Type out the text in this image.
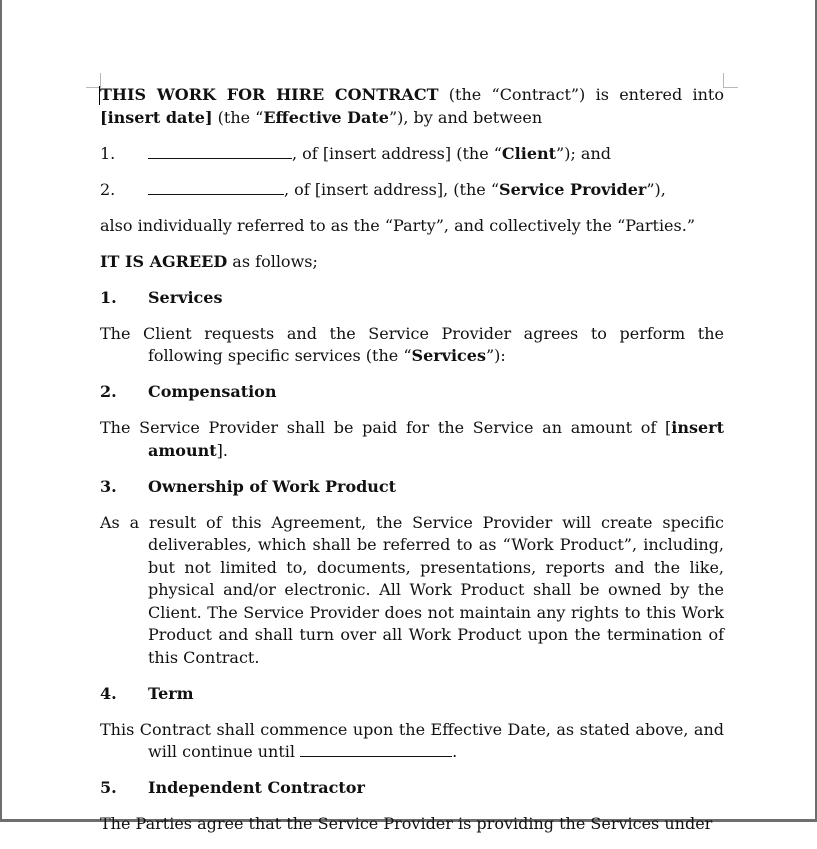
THIS WORK FOR HIRE CONTRACT (the “Contract”) is entered into [insert date] (the “Effective Date”), by and between

1.	, of [insert address] (the “Client”); and

2.	, of [insert address], (the “Service Provider”),

also individually referred to as the “Party”, and collectively the “Parties.”

IT IS AGREED as follows;

1. Services

The Client requests and the Service Provider agrees to perform the following specific services (the “Services”):

2. Compensation

The Service Provider shall be paid for the Service an amount of [insert amount].

3. Ownership of Work Product

As a result of this Agreement, the Service Provider will create specific deliverables, which shall be referred to as “Work Product”, including, but not limited to, documents, presentations, reports and the like, physical and/or electronic. All Work Product shall be owned by the Client. The Service Provider does not maintain any rights to this Work Product and shall turn over all Work Product upon the termination of this Contract.

4. Term

This Contract shall commence upon the Effective Date, as stated above, and will continue until	.

5. Independent Contractor

The Parties agree that the Service Provider is providing the Services under
